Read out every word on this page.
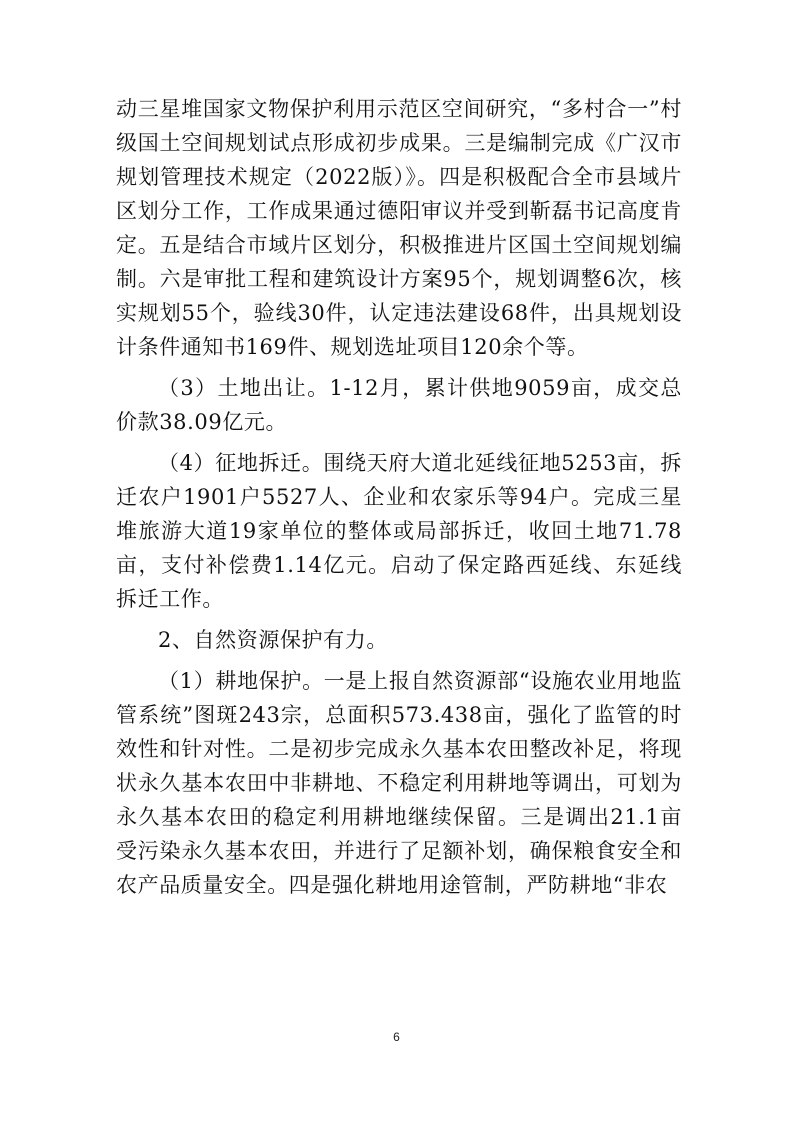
动三星堆国家文物保护利用示范区空间研究，“多村合一”村级国土空间规划试点形成初步成果。三是编制完成《广汉市规划管理技术规定（2022版）》。四是积极配合全市县域片区划分工作，工作成果通过德阳审议并受到靳磊书记高度肯定。五是结合市域片区划分，积极推进片区国土空间规划编制。六是审批工程和建筑设计方案95个，规划调整6次，核实规划55个，验线30件，认定违法建设68件，出具规划设计条件通知书169件、规划选址项目120余个等。

（3）土地出让。1-12月，累计供地9059亩，成交总价款38.09亿元。

（4）征地拆迁。围绕天府大道北延线征地5253亩，拆迁农户1901户5527人、企业和农家乐等94户。完成三星堆旅游大道19家单位的整体或局部拆迁，收回土地71.78亩，支付补偿费1.14亿元。启动了保定路西延线、东延线拆迁工作。

2、自然资源保护有力。

（1）耕地保护。一是上报自然资源部“设施农业用地监管系统”图斑243宗，总面积573.438亩，强化了监管的时效性和针对性。二是初步完成永久基本农田整改补足，将现状永久基本农田中非耕地、不稳定利用耕地等调出，可划为永久基本农田的稳定利用耕地继续保留。三是调出21.1亩受污染永久基本农田，并进行了足额补划，确保粮食安全和农产品质量安全。四是强化耕地用途管制，严防耕地“非农

6
